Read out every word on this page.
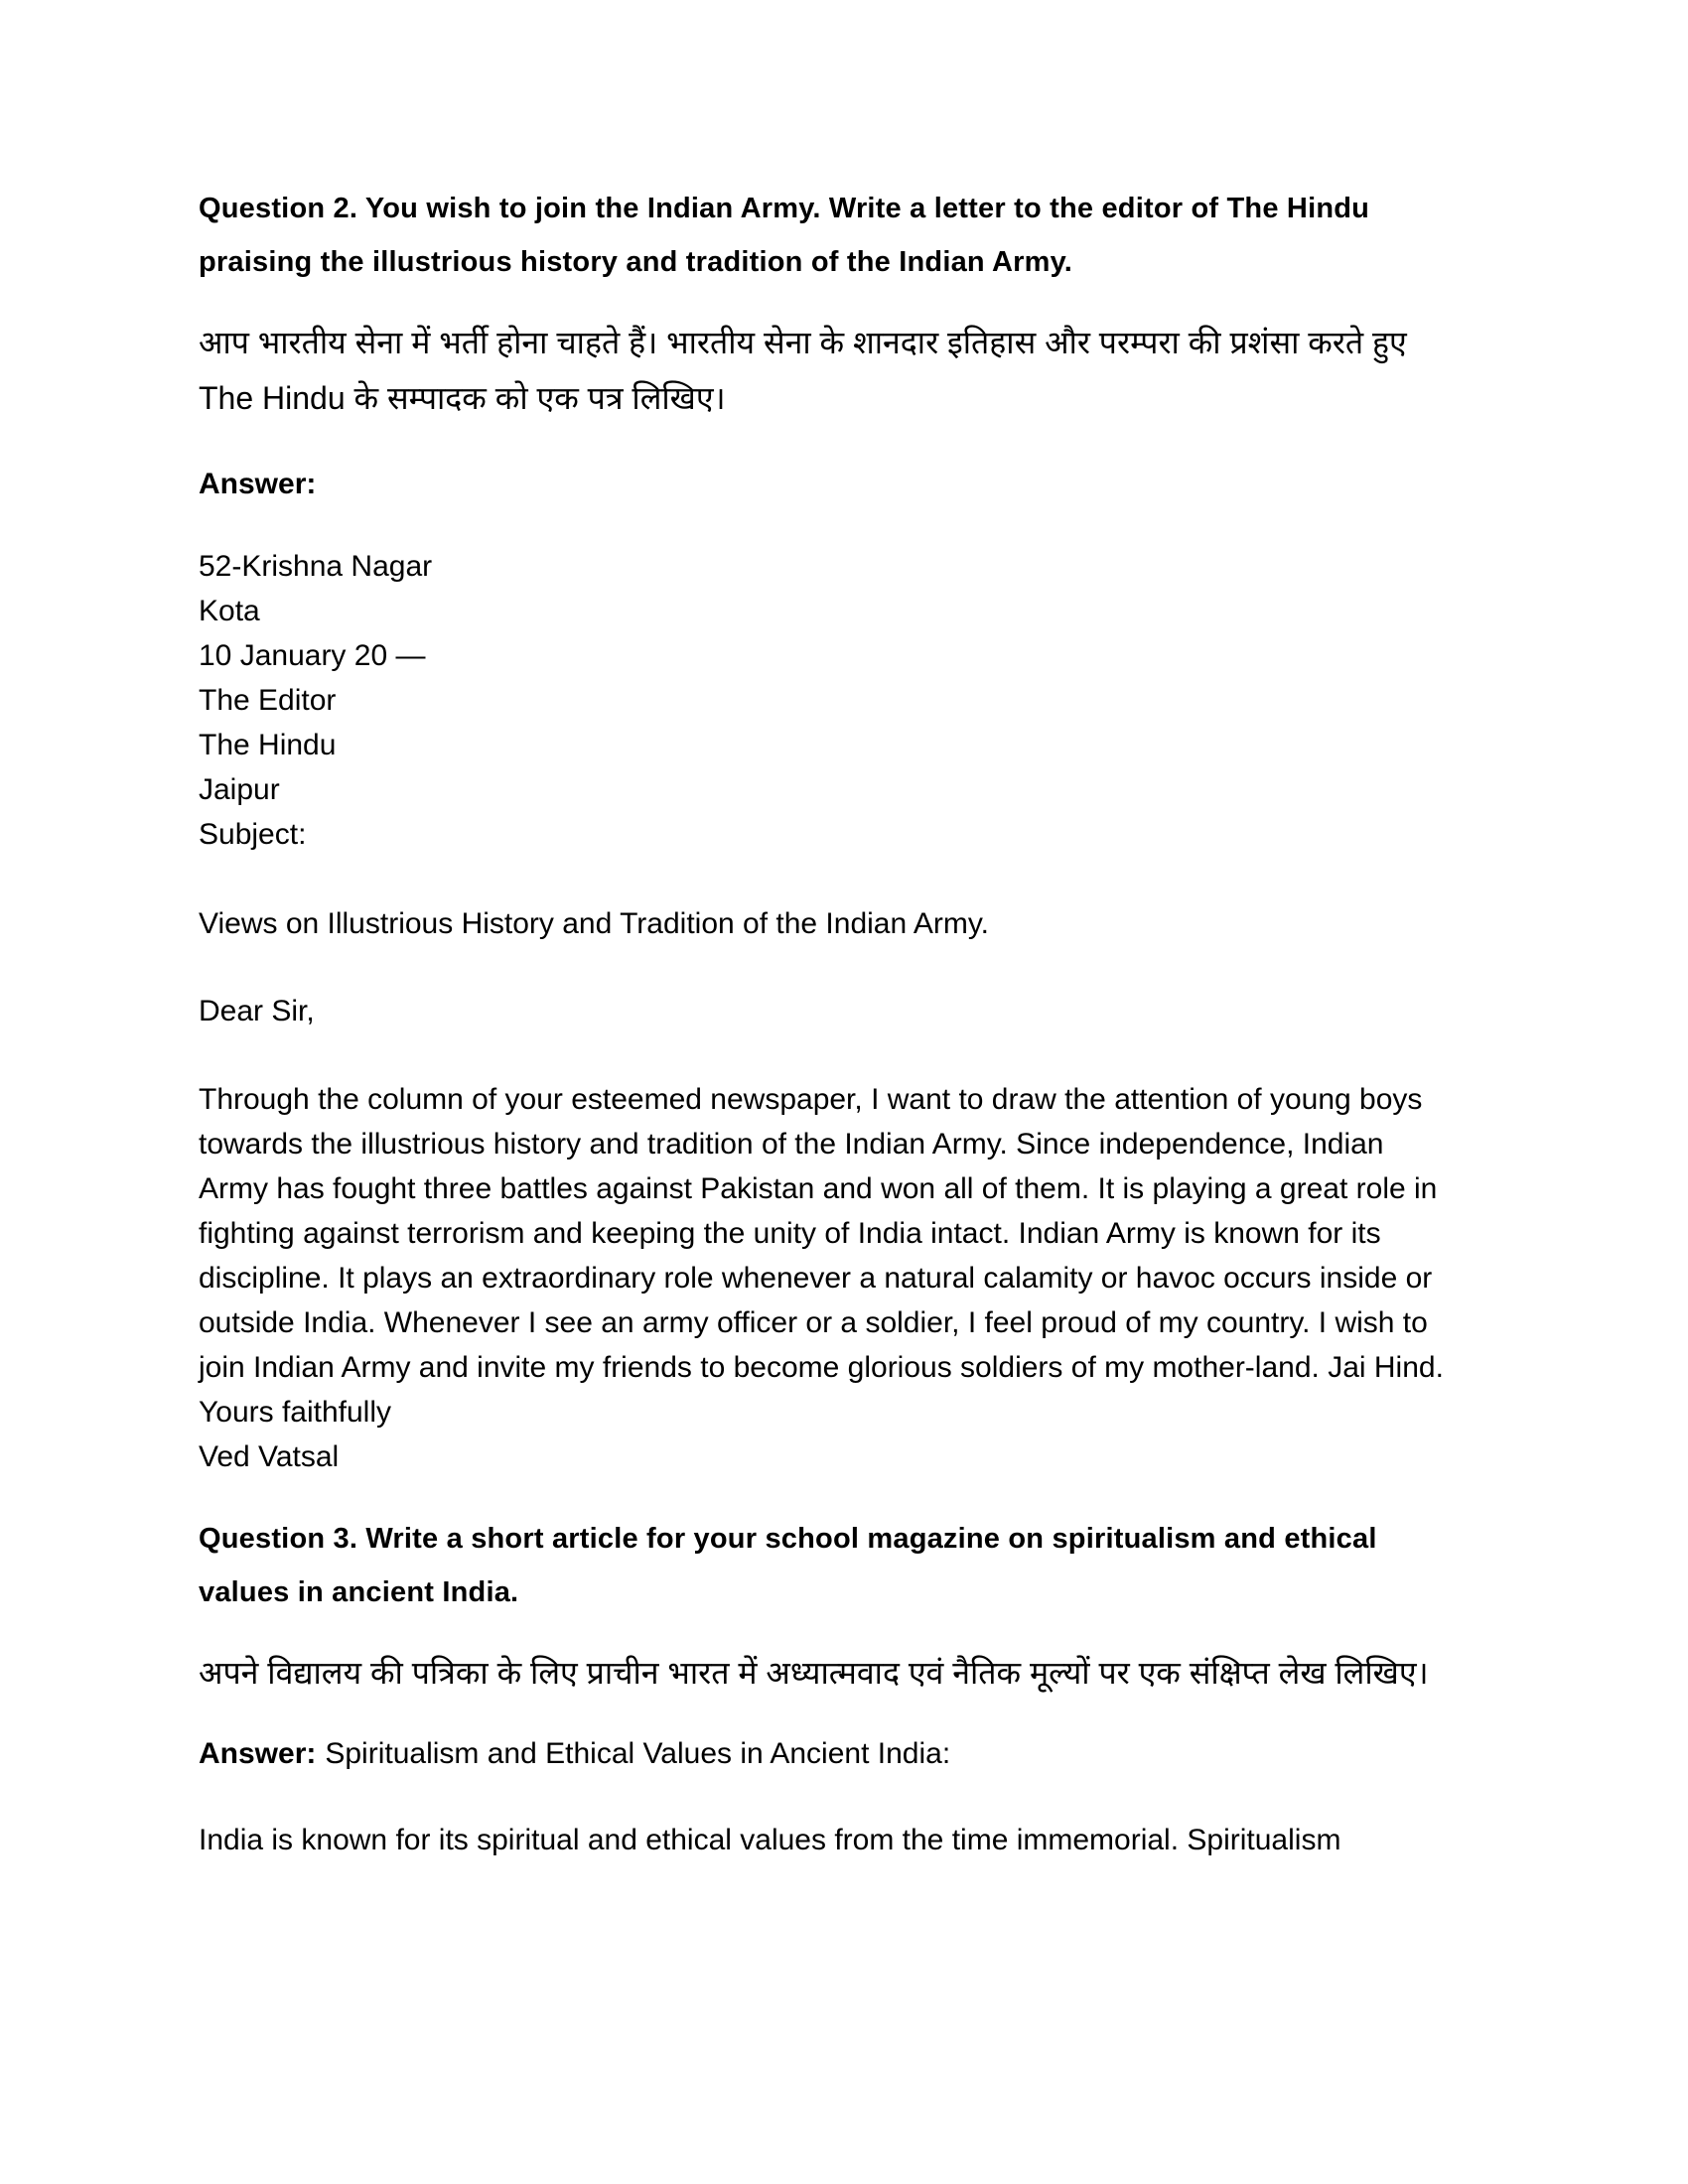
Question 2. You wish to join the Indian Army. Write a letter to the editor of The Hindu praising the illustrious history and tradition of the Indian Army.
आप भारतीय सेना में भर्ती होना चाहते हैं। भारतीय सेना के शानदार इतिहास और परम्परा की प्रशंसा करते हुए The Hindu के सम्पादक को एक पत्र लिखिए।
Answer:
52-Krishna Nagar
Kota
10 January 20 —
The Editor
The Hindu
Jaipur
Subject:
Views on Illustrious History and Tradition of the Indian Army.
Dear Sir,
Through the column of your esteemed newspaper, I want to draw the attention of young boys towards the illustrious history and tradition of the Indian Army. Since independence, Indian Army has fought three battles against Pakistan and won all of them. It is playing a great role in fighting against terrorism and keeping the unity of India intact. Indian Army is known for its discipline. It plays an extraordinary role whenever a natural calamity or havoc occurs inside or outside India. Whenever I see an army officer or a soldier, I feel proud of my country. I wish to join Indian Army and invite my friends to become glorious soldiers of my mother-land. Jai Hind.
Yours faithfully
Ved Vatsal
Question 3. Write a short article for your school magazine on spiritualism and ethical values in ancient India.
अपने विद्यालय की पत्रिका के लिए प्राचीन भारत में अध्यात्मवाद एवं नैतिक मूल्यों पर एक संक्षिप्त लेख लिखिए।
Answer: Spiritualism and Ethical Values in Ancient India:
India is known for its spiritual and ethical values from the time immemorial. Spiritualism
